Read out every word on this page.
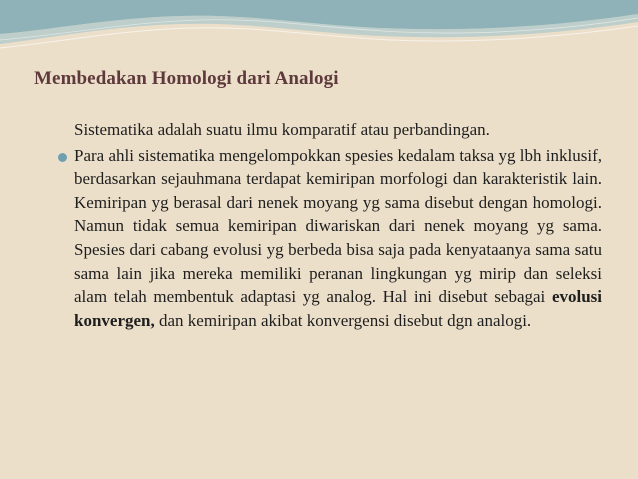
Membedakan Homologi dari Analogi

Sistematika adalah suatu ilmu komparatif atau perbandingan.

Para ahli sistematika mengelompokkan spesies kedalam taksa yg lbh inklusif, berdasarkan sejauhmana terdapat kemiripan morfologi dan karakteristik lain. Kemiripan yg berasal dari nenek moyang yg sama disebut dengan homologi. Namun tidak semua kemiripan diwariskan dari nenek moyang yg sama. Spesies dari cabang evolusi yg berbeda bisa saja pada kenyataanya sama satu sama lain jika mereka memiliki peranan lingkungan yg mirip dan seleksi alam telah membentuk adaptasi yg analog. Hal ini disebut sebagai evolusi konvergen, dan kemiripan akibat konvergensi disebut dgn analogi.
